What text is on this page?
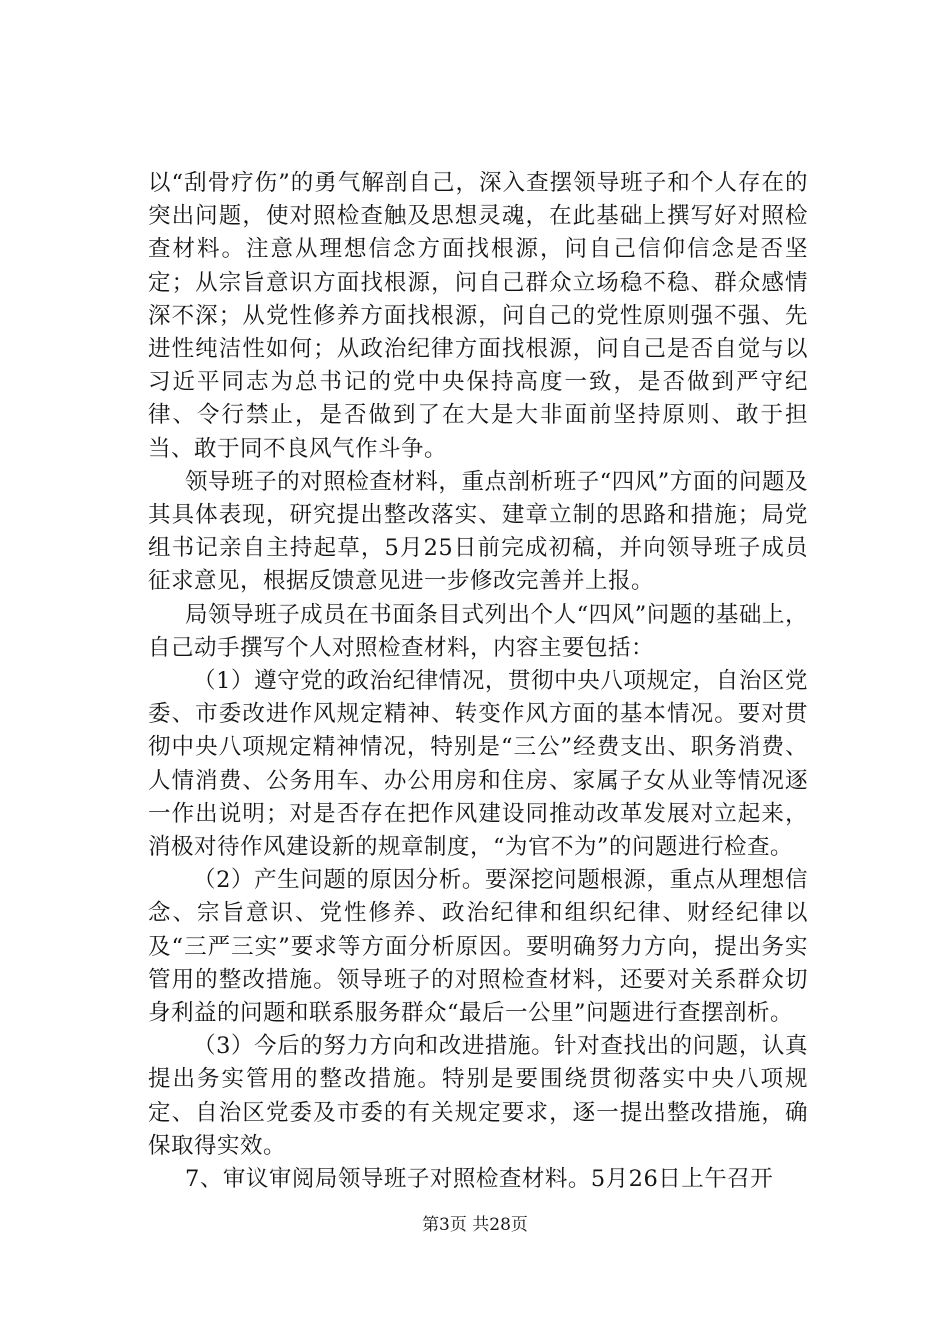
以“刮骨疗伤”的勇气解剖自己，深入查摆领导班子和个人存在的突出问题，使对照检查触及思想灵魂，在此基础上撰写好对照检查材料。注意从理想信念方面找根源，问自己信仰信念是否坚定；从宗旨意识方面找根源，问自己群众立场稳不稳、群众感情深不深；从党性修养方面找根源，问自己的党性原则强不强、先进性纯洁性如何；从政治纪律方面找根源，问自己是否自觉与以习近平同志为总书记的党中央保持高度一致，是否做到严守纪律、令行禁止，是否做到了在大是大非面前坚持原则、敢于担当、敢于同不良风气作斗争。

领导班子的对照检查材料，重点剖析班子“四风”方面的问题及其具体表现，研究提出整改落实、建章立制的思路和措施；局党组书记亲自主持起草，5月25日前完成初稿，并向领导班子成员征求意见，根据反馈意见进一步修改完善并上报。

局领导班子成员在书面条目式列出个人“四风”问题的基础上，自己动手撰写个人对照检查材料，内容主要包括：

（1）遵守党的政治纪律情况，贯彻中央八项规定，自治区党委、市委改进作风规定精神、转变作风方面的基本情况。要对贯彻中央八项规定精神情况，特别是“三公”经费支出、职务消费、人情消费、公务用车、办公用房和住房、家属子女从业等情况逐一作出说明；对是否存在把作风建设同推动改革发展对立起来，消极对待作风建设新的规章制度，“为官不为”的问题进行检查。

（2）产生问题的原因分析。要深挖问题根源，重点从理想信念、宗旨意识、党性修养、政治纪律和组织纪律、财经纪律以及“三严三实”要求等方面分析原因。要明确努力方向，提出务实管用的整改措施。领导班子的对照检查材料，还要对关系群众切身利益的问题和联系服务群众“最后一公里”问题进行查摆剖析。

（3）今后的努力方向和改进措施。针对查找出的问题，认真提出务实管用的整改措施。特别是要围绕贯彻落实中央八项规定、自治区党委及市委的有关规定要求，逐一提出整改措施，确保取得实效。

7、审议审阅局领导班子对照检查材料。5月26日上午召开

第3页 共28页
